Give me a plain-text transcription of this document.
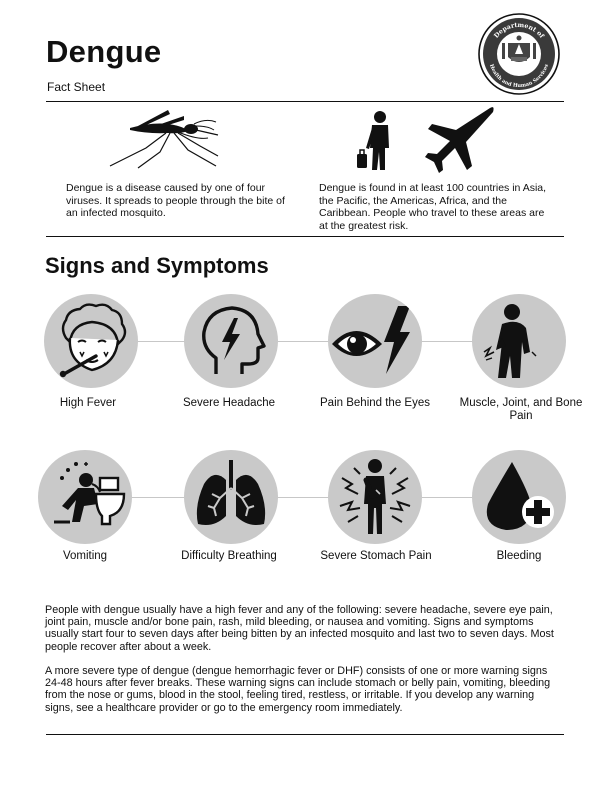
Dengue
Fact Sheet
Department of
Health and Human Services
Dengue is a disease caused by one of four viruses. It spreads to people through the bite of an infected mosquito.
Dengue is found in at least 100 countries in Asia, the Pacific, the Americas, Africa, and the Caribbean. People who travel to these areas are at the greatest risk.
Signs and Symptoms
High Fever	Severe Headache	Pain Behind the Eyes	Muscle, Joint, and Bone Pain
Vomiting	Difficulty Breathing	Severe Stomach Pain	Bleeding
People with dengue usually have a high fever and any of the following: severe headache, severe eye pain, joint pain, muscle and/or bone pain, rash, mild bleeding, or nausea and vomiting. Signs and symptoms usually start four to seven days after being bitten by an infected mosquito and last two to seven days. Most people recover after about a week.
A more severe type of dengue (dengue hemorrhagic fever or DHF) consists of one or more warning signs 24-48 hours after fever breaks. These warning signs can include stomach or belly pain, vomiting, bleeding from the nose or gums, blood in the stool, feeling tired, restless, or irritable. If you develop any warning signs, see a healthcare provider or go to the emergency room immediately.
